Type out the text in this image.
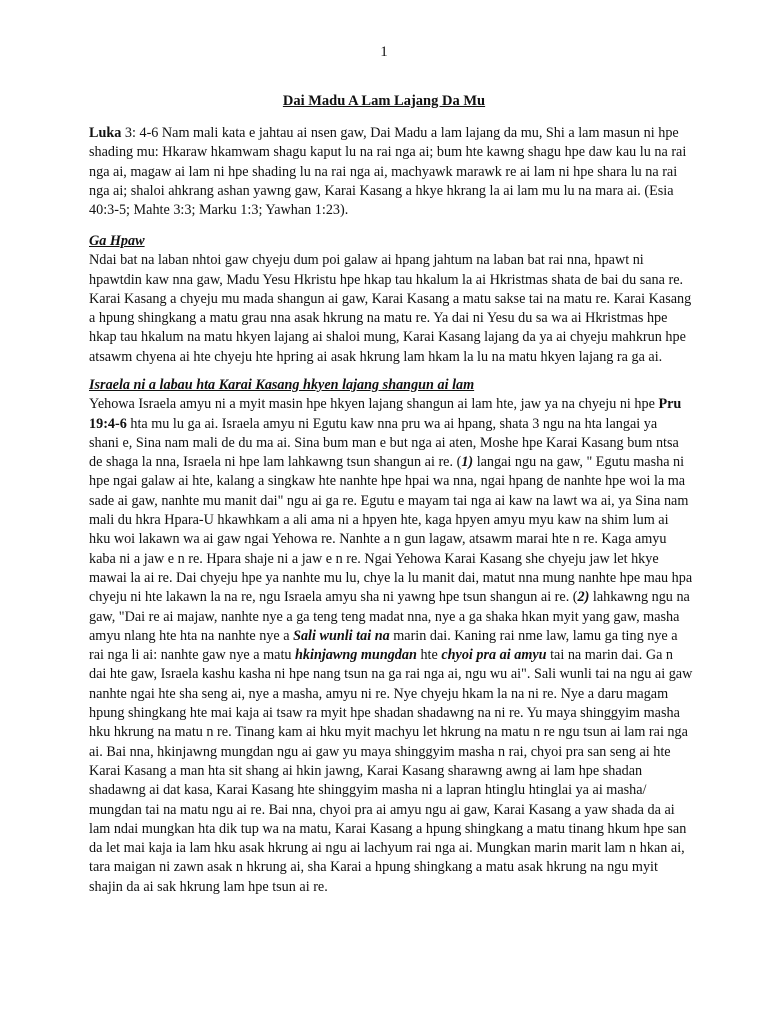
1
Dai Madu A Lam Lajang Da Mu
Luka 3: 4-6 Nam mali kata e jahtau ai nsen gaw, Dai Madu a lam lajang da mu, Shi a lam masun ni hpe
shading mu: Hkaraw hkamwam shagu kaput lu na rai nga ai; bum hte kawng shagu hpe daw kau lu na rai
nga ai, magaw ai lam ni hpe shading lu na rai nga ai, machyawk marawk re ai lam ni hpe shara lu na rai
nga ai; shaloi ahkrang ashan yawng gaw, Karai Kasang a hkye hkrang la ai lam mu lu na mara ai. (Esia
40:3-5; Mahte 3:3; Marku 1:3; Yawhan 1:23).
Ga Hpaw
Ndai bat na laban nhtoi gaw chyeju dum poi galaw ai hpang jahtum na laban bat rai nna, hpawt ni
hpawtdin kaw nna gaw, Madu Yesu Hkristu hpe hkap tau hkalum la ai Hkristmas shata de bai du sana re.
Karai Kasang a chyeju mu mada shangun ai gaw, Karai Kasang a matu sakse tai na matu re. Karai Kasang
a hpung shingkang a matu grau nna asak hkrung na matu re. Ya dai ni Yesu du sa wa ai Hkristmas hpe
hkap tau hkalum na matu hkyen lajang ai shaloi mung, Karai Kasang lajang da ya ai chyeju mahkrun hpe
atsawm chyena ai hte chyeju hte hpring ai asak hkrung lam hkam la lu na matu hkyen lajang ra ga ai.
Israela ni a labau hta Karai Kasang hkyen lajang shangun ai lam
Yehowa Israela amyu ni a myit masin hpe hkyen lajang shangun ai lam hte, jaw ya na chyeju ni hpe Pru
19:4-6 hta mu lu ga ai. Israela amyu ni Egutu kaw nna pru wa ai hpang, shata 3 ngu na hta langai ya
shani e, Sina nam mali de du ma ai. Sina bum man e but nga ai aten, Moshe hpe Karai Kasang bum ntsa
de shaga la nna, Israela ni hpe lam lahkawng tsun shangun ai re. (1) langai ngu na gaw, " Egutu masha ni
hpe ngai galaw ai hte, kalang a singkaw hte nanhte hpe hpai wa nna, ngai hpang de nanhte hpe woi la ma
sade ai gaw, nanhte mu manit dai" ngu ai ga re. Egutu e mayam tai nga ai kaw na lawt wa ai, ya Sina nam
mali du hkra Hpara-U hkawhkam a ali ama ni a hpyen hte, kaga hpyen amyu myu kaw na shim lum ai
hku woi lakawn wa ai gaw ngai Yehowa re. Nanhte a n gun lagaw, atsawm marai hte n re. Kaga amyu
kaba ni a jaw e n re. Hpara shaje ni a jaw e n re. Ngai Yehowa Karai Kasang she chyeju jaw let hkye
mawai la ai re. Dai chyeju hpe ya nanhte mu lu, chye la lu manit dai, matut nna mung nanhte hpe mau hpa
chyeju ni hte lakawn la na re, ngu Israela amyu sha ni yawng hpe tsun shangun ai re. (2) lahkawng ngu na
gaw, "Dai re ai majaw, nanhte nye a ga teng teng madat nna, nye a ga shaka hkan myit yang gaw, masha
amyu nlang hte hta na nanhte nye a Sali wunli tai na marin dai. Kaning rai nme law, lamu ga ting nye a
rai nga li ai: nanhte gaw nye a matu hkinjawng mungdan hte chyoi pra ai amyu tai na marin dai. Ga n
dai hte gaw, Israela kashu kasha ni hpe nang tsun na ga rai nga ai, ngu wu ai". Sali wunli tai na ngu ai gaw
nanhte ngai hte sha seng ai, nye a masha, amyu ni re. Nye chyeju hkam la na ni re. Nye a daru magam
hpung shingkang hte mai kaja ai tsaw ra myit hpe shadan shadawng na ni re. Yu maya shinggyim masha
hku hkrung na matu n re. Tinang kam ai hku myit machyu let hkrung na matu n re ngu tsun ai lam rai nga
ai. Bai nna, hkinjawng mungdan ngu ai gaw yu maya shinggyim masha n rai, chyoi pra san seng ai hte
Karai Kasang a man hta sit shang ai hkin jawng, Karai Kasang sharawng awng ai lam hpe shadan
shadawng ai dat kasa, Karai Kasang hte shinggyim masha ni a lapran htinglu htinglai ya ai masha/
mungdan tai na matu ngu ai re. Bai nna, chyoi pra ai amyu ngu ai gaw, Karai Kasang a yaw shada da ai
lam ndai mungkan hta dik tup wa na matu, Karai Kasang a hpung shingkang a matu tinang hkum hpe san
da let mai kaja ia lam hku asak hkrung ai ngu ai lachyum rai nga ai. Mungkan marin marit lam n hkan ai,
tara maigan ni zawn asak n hkrung ai, sha Karai a hpung shingkang a matu asak hkrung na ngu myit
shajin da ai sak hkrung lam hpe tsun ai re.
